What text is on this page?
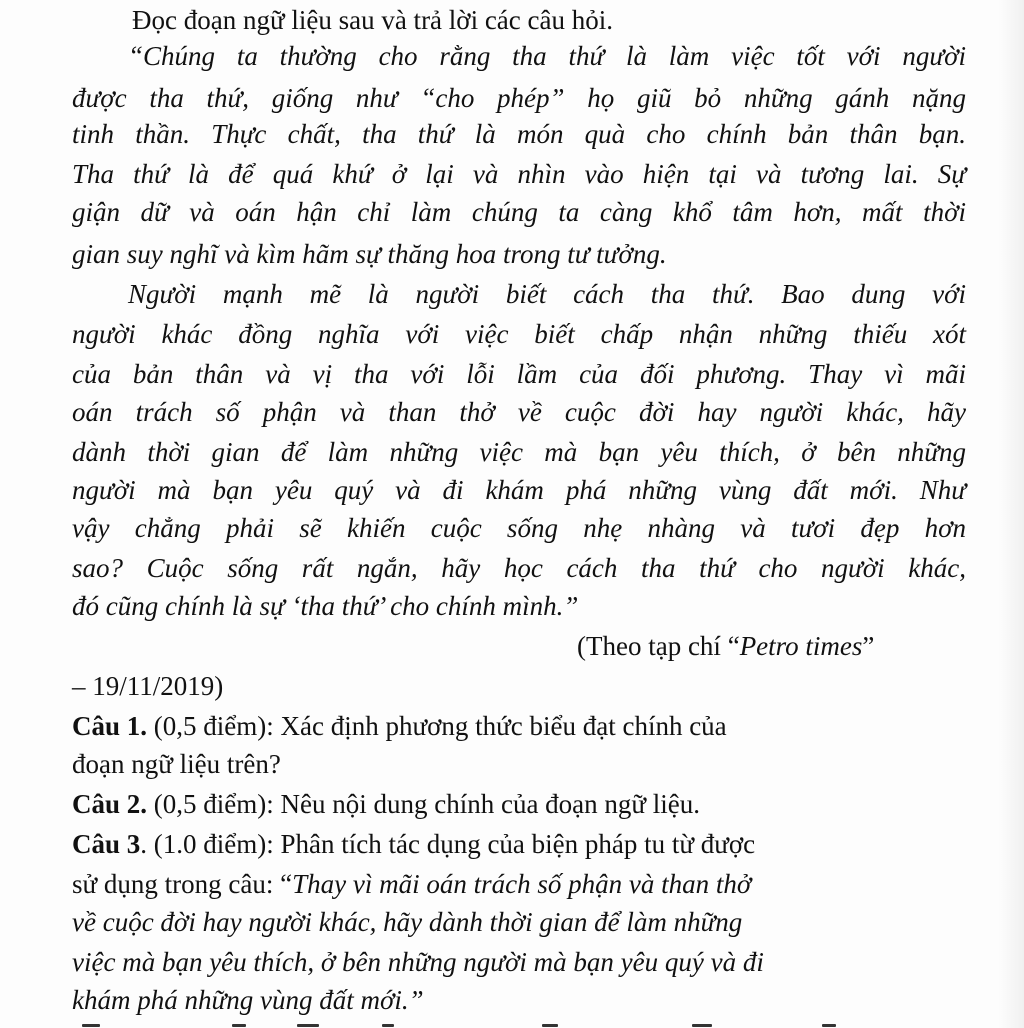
Đọc đoạn ngữ liệu sau và trả lời các câu hỏi.
“Chúng ta thường cho rằng tha thứ là làm việc tốt với người
được tha thứ, giống như “cho phép” họ giũ bỏ những gánh nặng
tinh thần. Thực chất, tha thứ là món quà cho chính bản thân bạn.
Tha thứ là để quá khứ ở lại và nhìn vào hiện tại và tương lai. Sự
giận dữ và oán hận chỉ làm chúng ta càng khổ tâm hơn, mất thời
gian suy nghĩ và kìm hãm sự thăng hoa trong tư tưởng.
Người mạnh mẽ là người biết cách tha thứ. Bao dung với
người khác đồng nghĩa với việc biết chấp nhận những thiếu xót
của bản thân và vị tha với lỗi lầm của đối phương. Thay vì mãi
oán trách số phận và than thở về cuộc đời hay người khác, hãy
dành thời gian để làm những việc mà bạn yêu thích, ở bên những
người mà bạn yêu quý và đi khám phá những vùng đất mới. Như
vậy chẳng phải sẽ khiến cuộc sống nhẹ nhàng và tươi đẹp hơn
sao? Cuộc sống rất ngắn, hãy học cách tha thứ cho người khác,
đó cũng chính là sự ‘tha thứ’ cho chính mình.”
(Theo tạp chí “Petro times”
– 19/11/2019)
Câu 1. (0,5 điểm): Xác định phương thức biểu đạt chính của
đoạn ngữ liệu trên?
Câu 2. (0,5 điểm): Nêu nội dung chính của đoạn ngữ liệu.
Câu 3. (1.0 điểm): Phân tích tác dụng của biện pháp tu từ được
sử dụng trong câu: “Thay vì mãi oán trách số phận và than thở
về cuộc đời hay người khác, hãy dành thời gian để làm những
việc mà bạn yêu thích, ở bên những người mà bạn yêu quý và đi
khám phá những vùng đất mới.”
